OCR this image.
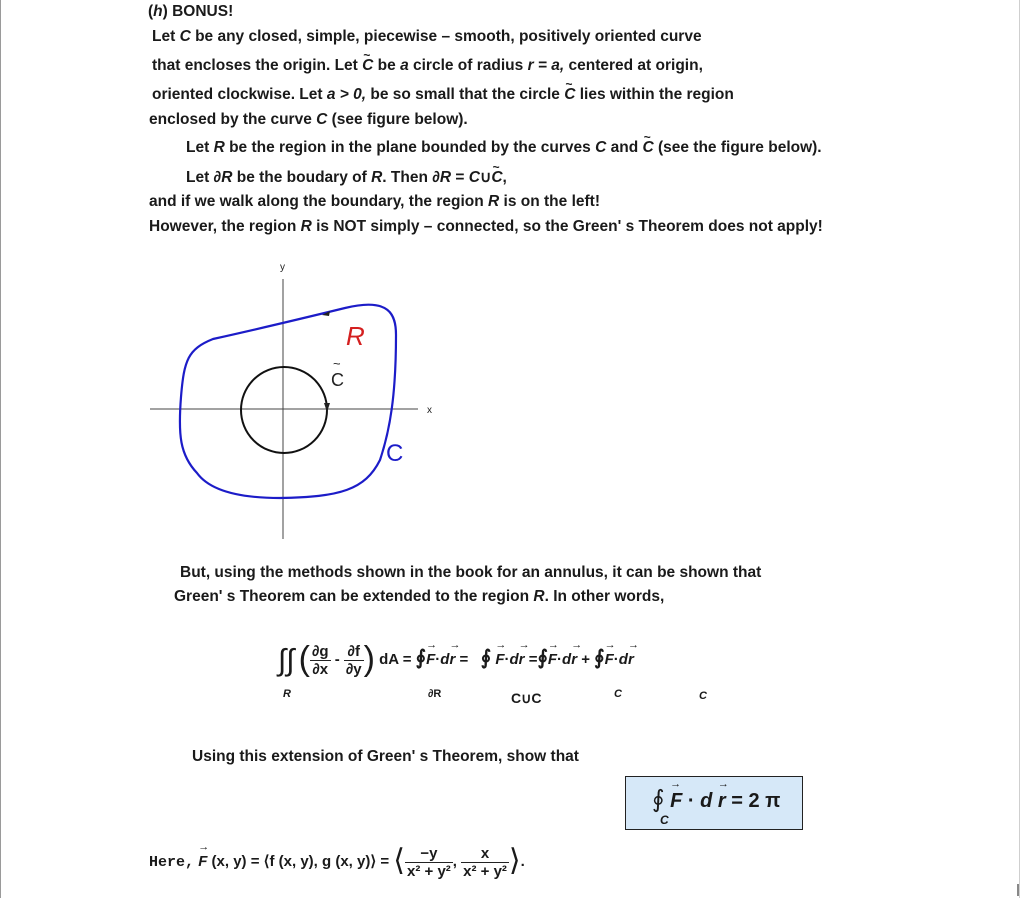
(h) BONUS!
Let C be any closed, simple, piecewise – smooth, positively oriented curve
that encloses the origin. Let ~ C be a circle of radius r = a, centered at origin,
oriented clockwise. Let a > 0, be so small that the circle ~ C lies within the region
enclosed by the curve C (see figure below).
Let R be the region in the plane bounded by the curves C and ~ C (see the figure below).
Let ∂R be the boudary of R. Then ∂R = C∪~ C,
and if we walk along the boundary, the region R is on the left!
However, the region R is NOT simply – connected, so the Green' s Theorem does not apply!
y
x
R
C
~
C
But, using the methods shown in the book for an annulus, it can be shown that
Green' s Theorem can be extended to the region R. In other words,
∫∫ ( $\frac{\partial g}{\partial x} - \frac{\partial f}{\partial y}$ ) dA = ∮→ F·d→ r = ∮ → F·d→ r =∮→ F·d→ r + ∮→ F·d→ r
R	∂R	C∪C	C	C
Using this extension of Green' s Theorem, show that
∮ → F · d → r = 2 π
C
Here, → F (x, y) = ⟨f (x, y), g (x, y)⟩ = ⟨ $\frac{-y}{\text{x² + y²}}$ , $\frac{x}{\text{x² + y²}}$ ⟩.
